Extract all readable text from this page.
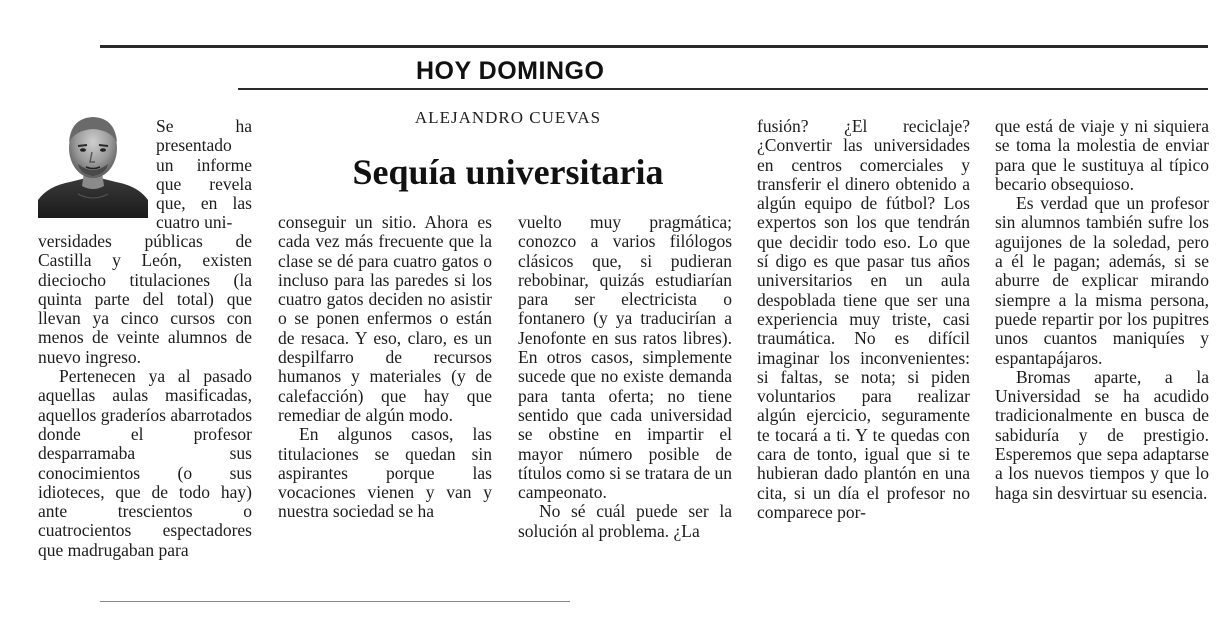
HOY DOMINGO
ALEJANDRO CUEVAS
Sequía universitaria

Se ha presentado un informe que revela que, en las cuatro uni-

versidades públicas de Castilla y León, existen dieciocho titulaciones (la quinta parte del total) que llevan ya cinco cursos con menos de veinte alumnos de nuevo ingreso.

Pertenecen ya al pasado aquellas aulas masificadas, aquellos graderíos abarrotados donde el profesor desparramaba sus conocimientos (o sus idioteces, que de todo hay) ante trescientos o cuatrocientos espectadores que madrugaban para

conseguir un sitio. Ahora es cada vez más frecuente que la clase se dé para cuatro gatos o incluso para las paredes si los cuatro gatos deciden no asistir o se ponen enfermos o están de resaca. Y eso, claro, es un despilfarro de recursos humanos y materiales (y de calefacción) que hay que remediar de algún modo.

En algunos casos, las titulaciones se quedan sin aspirantes porque las vocaciones vienen y van y nuestra sociedad se ha

vuelto muy pragmática; conozco a varios filólogos clásicos que, si pudieran rebobinar, quizás estudiarían para ser electricista o fontanero (y ya traducirían a Jenofonte en sus ratos libres). En otros casos, simplemente sucede que no existe demanda para tanta oferta; no tiene sentido que cada universidad se obstine en impartir el mayor número posible de títulos como si se tratara de un campeonato.

No sé cuál puede ser la solución al problema. ¿La

fusión? ¿El reciclaje? ¿Convertir las universidades en centros comerciales y transferir el dinero obtenido a algún equipo de fútbol? Los expertos son los que tendrán que decidir todo eso. Lo que sí digo es que pasar tus años universitarios en un aula despoblada tiene que ser una experiencia muy triste, casi traumática. No es difícil imaginar los inconvenientes: si faltas, se nota; si piden voluntarios para realizar algún ejercicio, seguramente te tocará a ti. Y te quedas con cara de tonto, igual que si te hubieran dado plantón en una cita, si un día el profesor no comparece por-

que está de viaje y ni siquiera se toma la molestia de enviar para que le sustituya al típico becario obsequioso.

Es verdad que un profesor sin alumnos también sufre los aguijones de la soledad, pero a él le pagan; además, si se aburre de explicar mirando siempre a la misma persona, puede repartir por los pupitres unos cuantos maniquíes y espantapájaros.

Bromas aparte, a la Universidad se ha acudido tradicionalmente en busca de sabiduría y de prestigio. Esperemos que sepa adaptarse a los nuevos tiempos y que lo haga sin desvirtuar su esencia.
